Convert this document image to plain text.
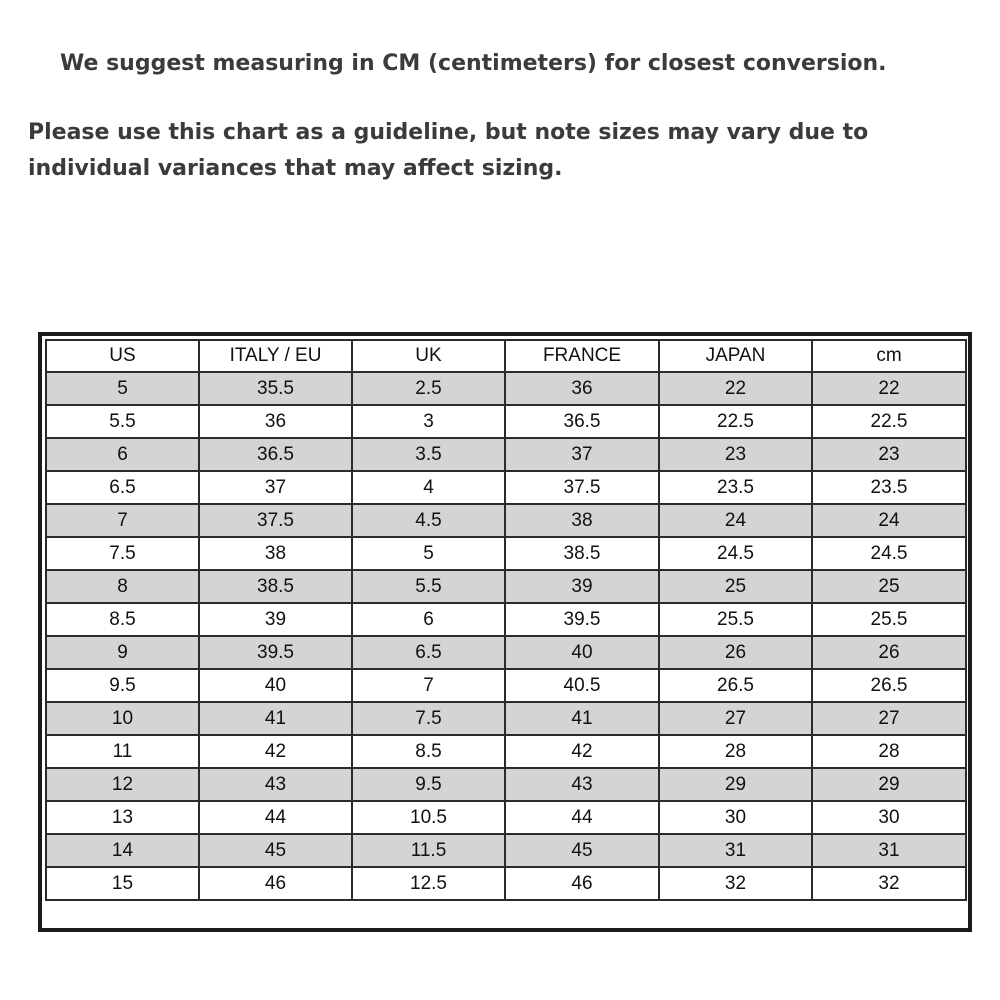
We suggest measuring in CM (centimeters) for closest conversion.

Please use this chart as a guideline, but note sizes may vary due to individual variances that may affect sizing.

US	ITALY / EU	UK	FRANCE	JAPAN	cm
5	35.5	2.5	36	22	22
5.5	36	3	36.5	22.5	22.5
6	36.5	3.5	37	23	23
6.5	37	4	37.5	23.5	23.5
7	37.5	4.5	38	24	24
7.5	38	5	38.5	24.5	24.5
8	38.5	5.5	39	25	25
8.5	39	6	39.5	25.5	25.5
9	39.5	6.5	40	26	26
9.5	40	7	40.5	26.5	26.5
10	41	7.5	41	27	27
11	42	8.5	42	28	28
12	43	9.5	43	29	29
13	44	10.5	44	30	30
14	45	11.5	45	31	31
15	46	12.5	46	32	32
